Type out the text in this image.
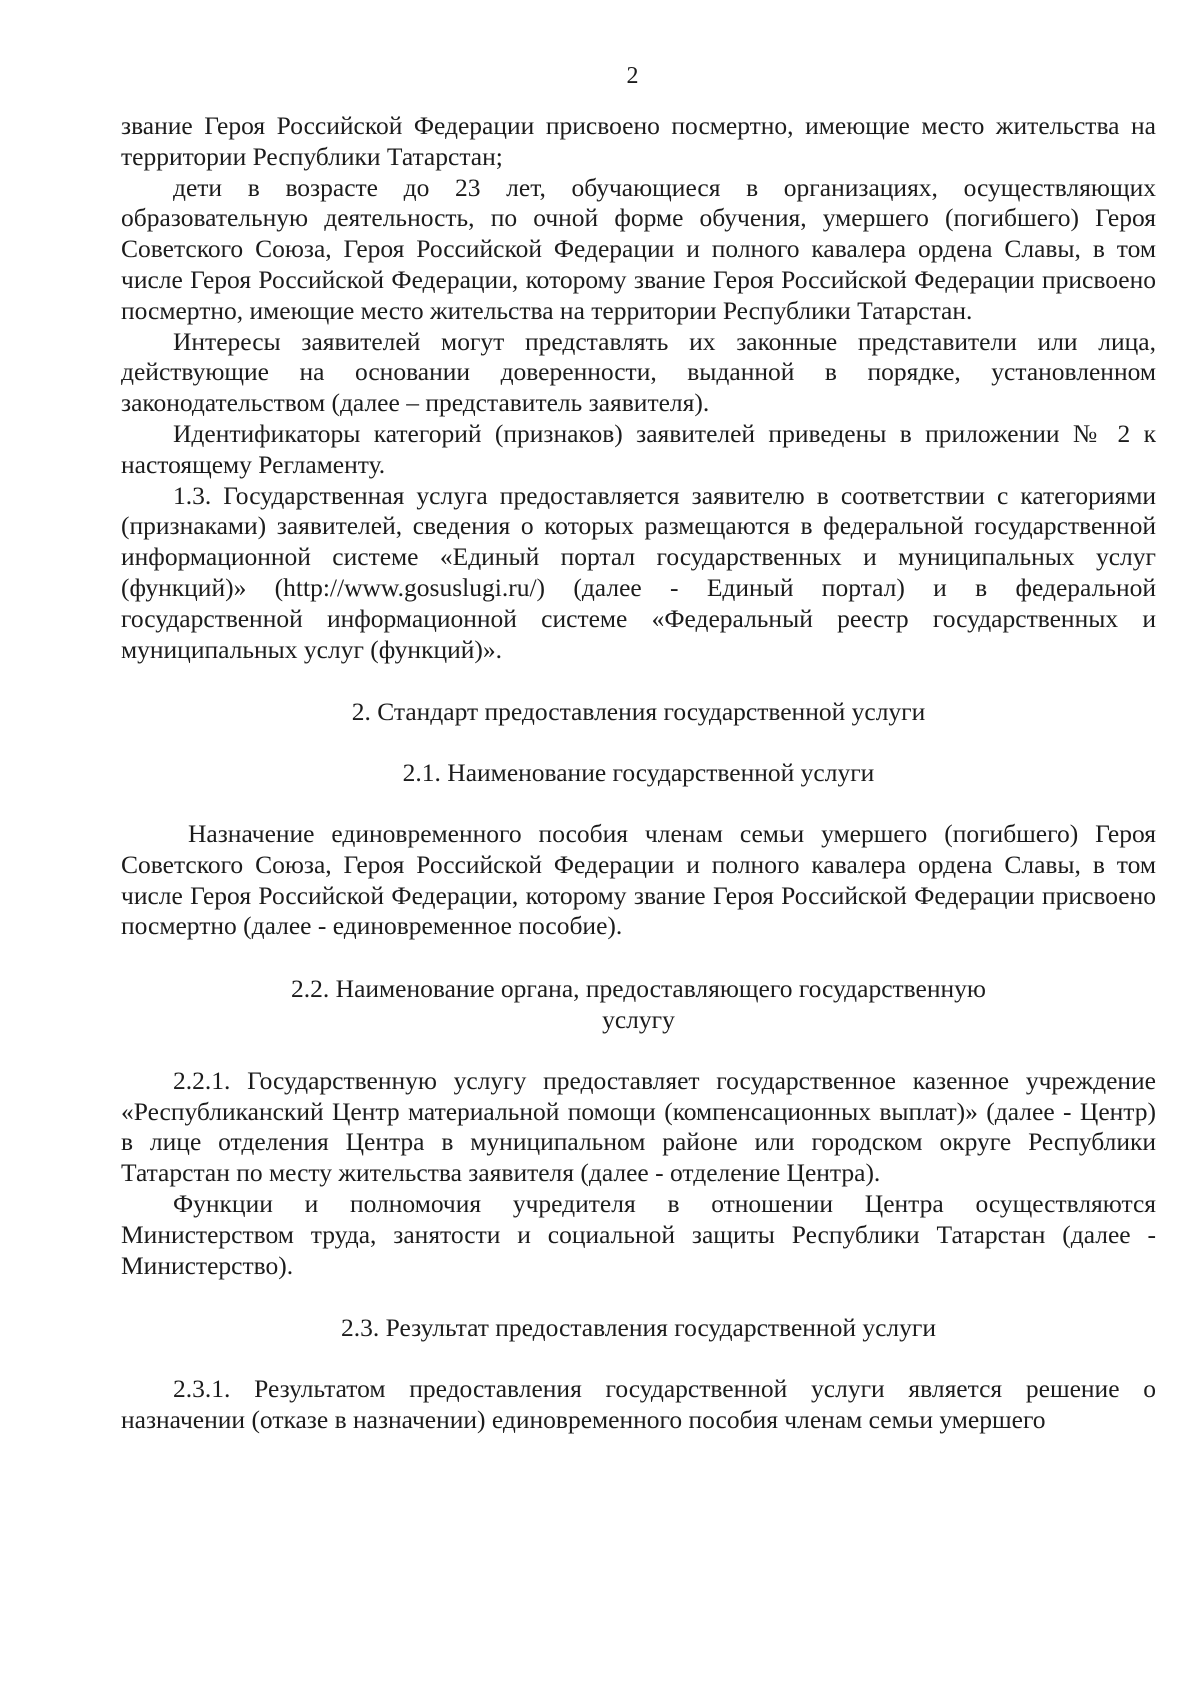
2

звание Героя Российской Федерации присвоено посмертно, имеющие место жительства на территории Республики Татарстан;

дети в возрасте до 23 лет, обучающиеся в организациях, осуществляющих образовательную деятельность, по очной форме обучения, умершего (погибшего) Героя Советского Союза, Героя Российской Федерации и полного кавалера ордена Славы, в том числе Героя Российской Федерации, которому звание Героя Российской Федерации присвоено посмертно, имеющие место жительства на территории Республики Татарстан.

Интересы заявителей могут представлять их законные представители или лица, действующие на основании доверенности, выданной в порядке, установленном законодательством (далее – представитель заявителя).

Идентификаторы категорий (признаков) заявителей приведены в приложении № 2 к настоящему Регламенту.

1.3. Государственная услуга предоставляется заявителю в соответствии с категориями (признаками) заявителей, сведения о которых размещаются в федеральной государственной информационной системе «Единый портал государственных и муниципальных услуг (функций)» (http://www.gosuslugi.ru/) (далее - Единый портал) и в федеральной государственной информационной системе «Федеральный реестр государственных и муниципальных услуг (функций)».

2. Стандарт предоставления государственной услуги
2.1. Наименование государственной услуги

Назначение единовременного пособия членам семьи умершего (погибшего) Героя Советского Союза, Героя Российской Федерации и полного кавалера ордена Славы, в том числе Героя Российской Федерации, которому звание Героя Российской Федерации присвоено посмертно (далее - единовременное пособие).

2.2. Наименование органа, предоставляющего государственную
услугу

2.2.1. Государственную услугу предоставляет государственное казенное учреждение «Республиканский Центр материальной помощи (компенсационных выплат)» (далее - Центр) в лице отделения Центра в муниципальном районе или городском округе Республики Татарстан по месту жительства заявителя (далее - отделение Центра).

Функции и полномочия учредителя в отношении Центра осуществляются Министерством труда, занятости и социальной защиты Республики Татарстан (далее - Министерство).

2.3. Результат предоставления государственной услуги

2.3.1. Результатом предоставления государственной услуги является решение о назначении (отказе в назначении) единовременного пособия членам семьи умершего
